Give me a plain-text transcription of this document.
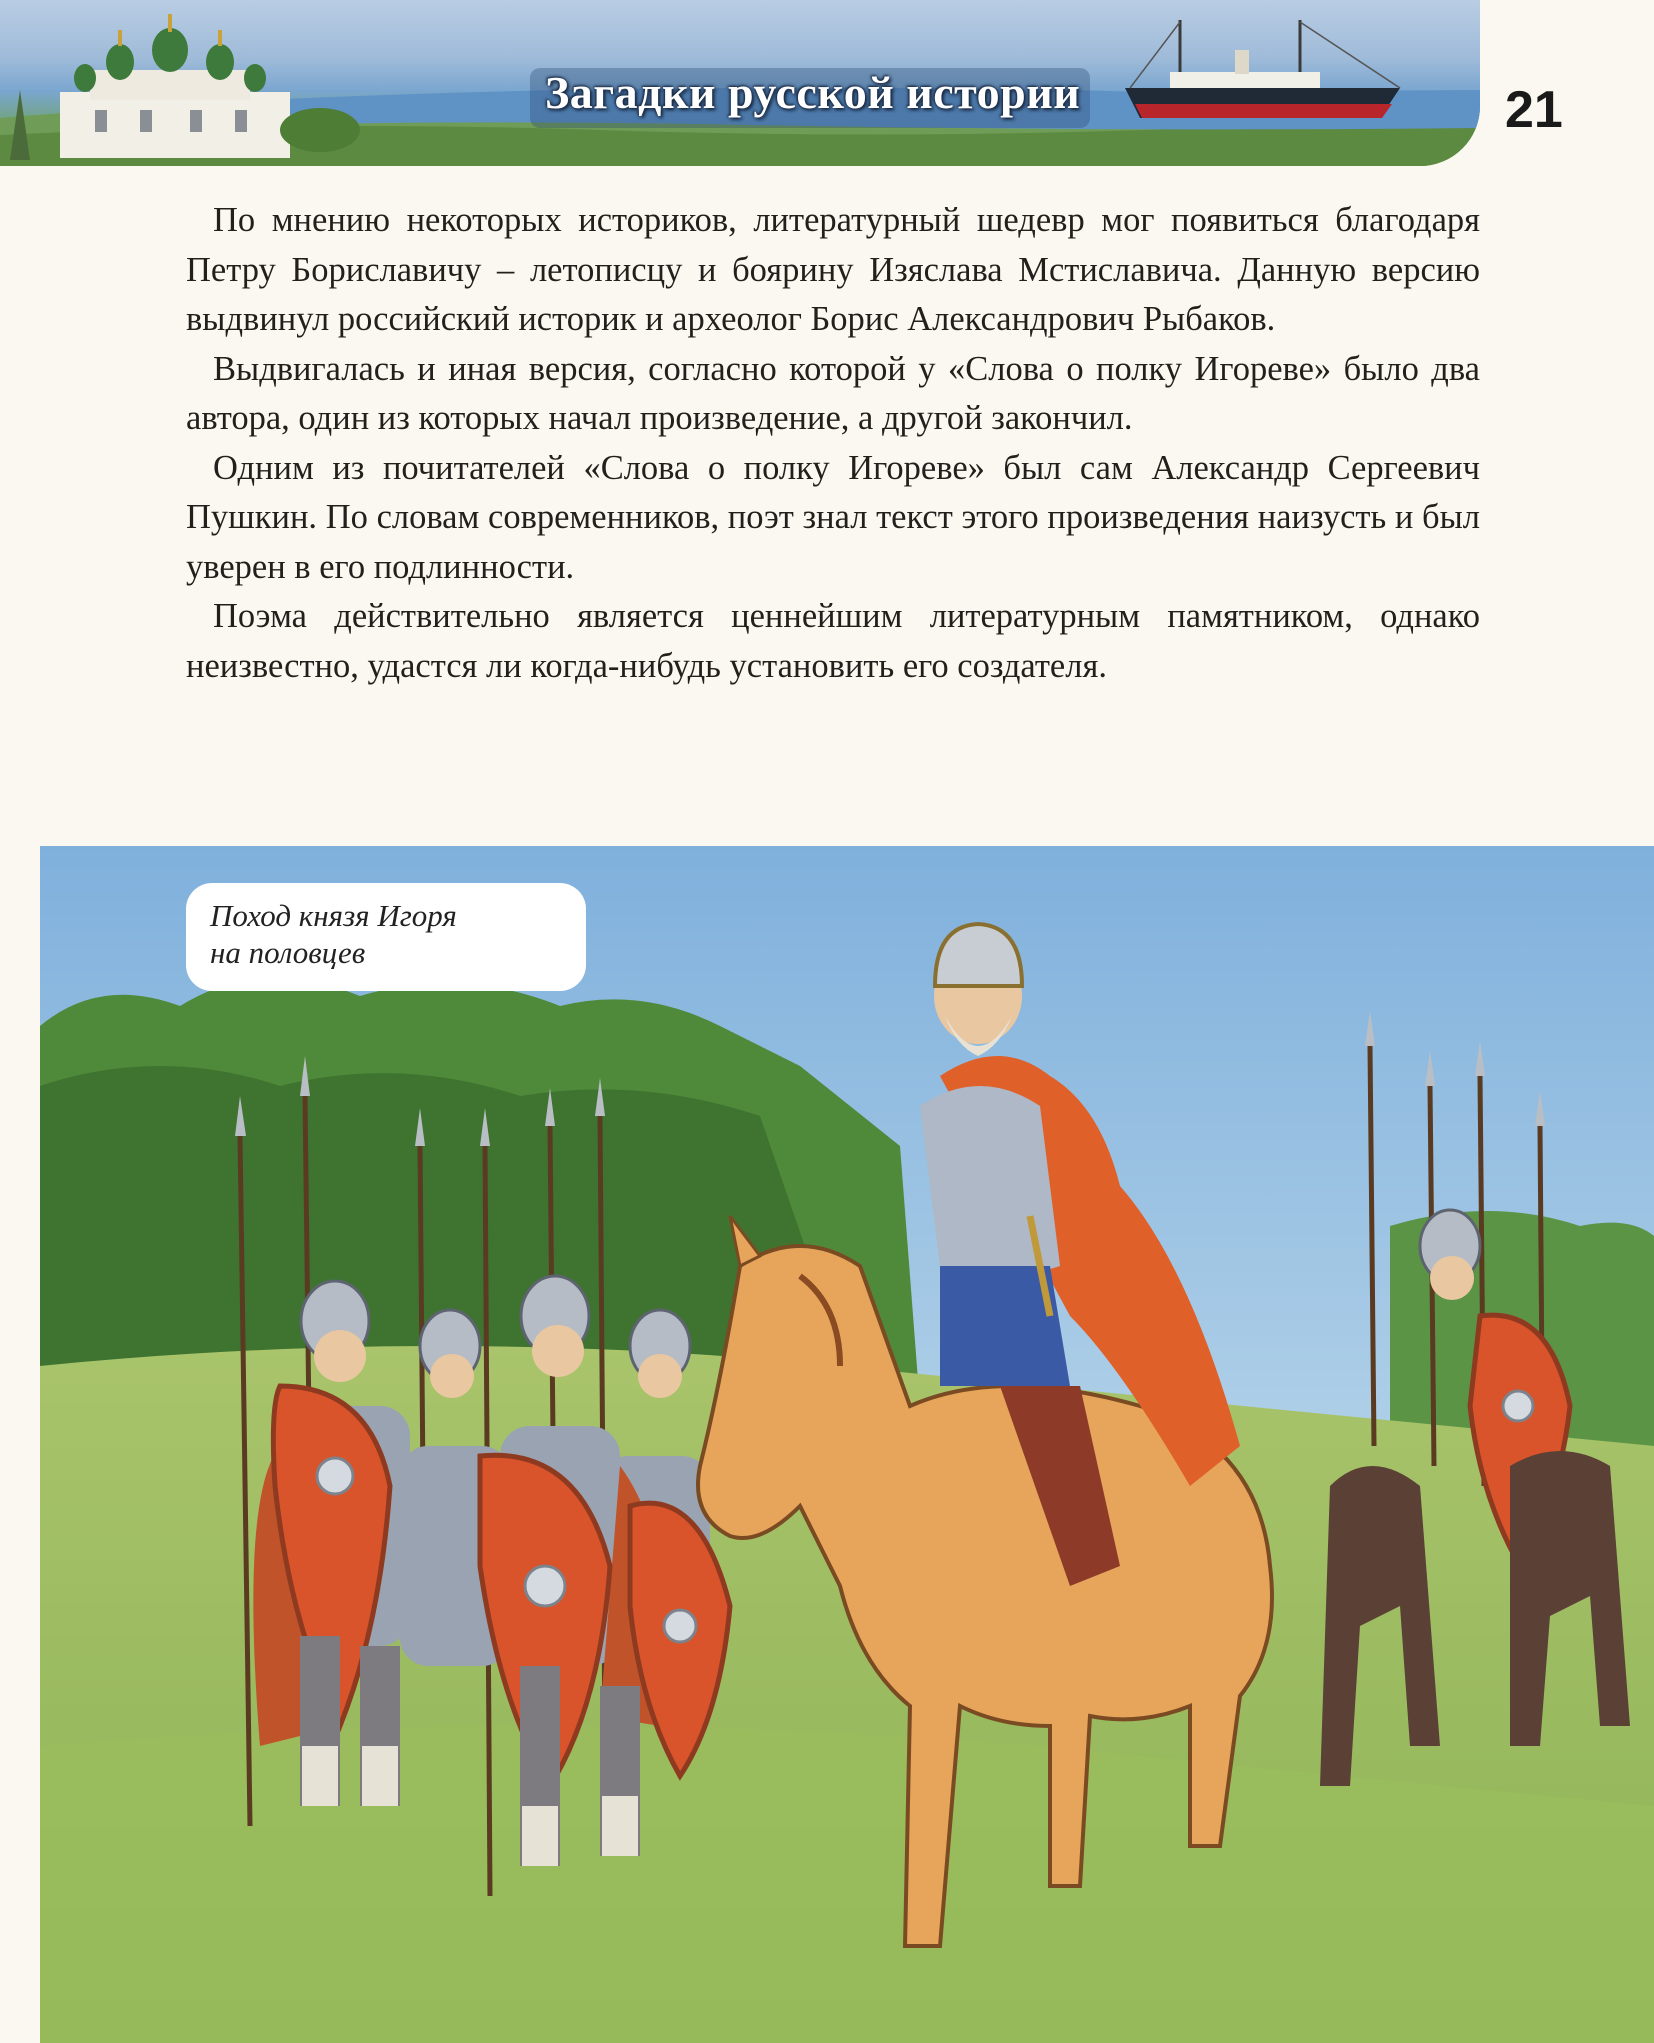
Загадки русской истории	21

По мнению некоторых историков, литературный шедевр мог появиться благодаря Петру Бориславичу – летописцу и боярину Изяслава Мстиславича. Данную версию выдвинул российский историк и археолог Борис Александрович Рыбаков.

Выдвигалась и иная версия, согласно которой у «Слова о полку Игореве» было два автора, один из которых начал произведение, а другой закончил.

Одним из почитателей «Слова о полку Игореве» был сам Александр Сергеевич Пушкин. По словам современников, поэт знал текст этого произведения наизусть и был уверен в его подлинности.

Поэма действительно является ценнейшим литературным памятником, однако неизвестно, удастся ли когда-нибудь установить его создателя.

Поход князя Игоря
на половцев
